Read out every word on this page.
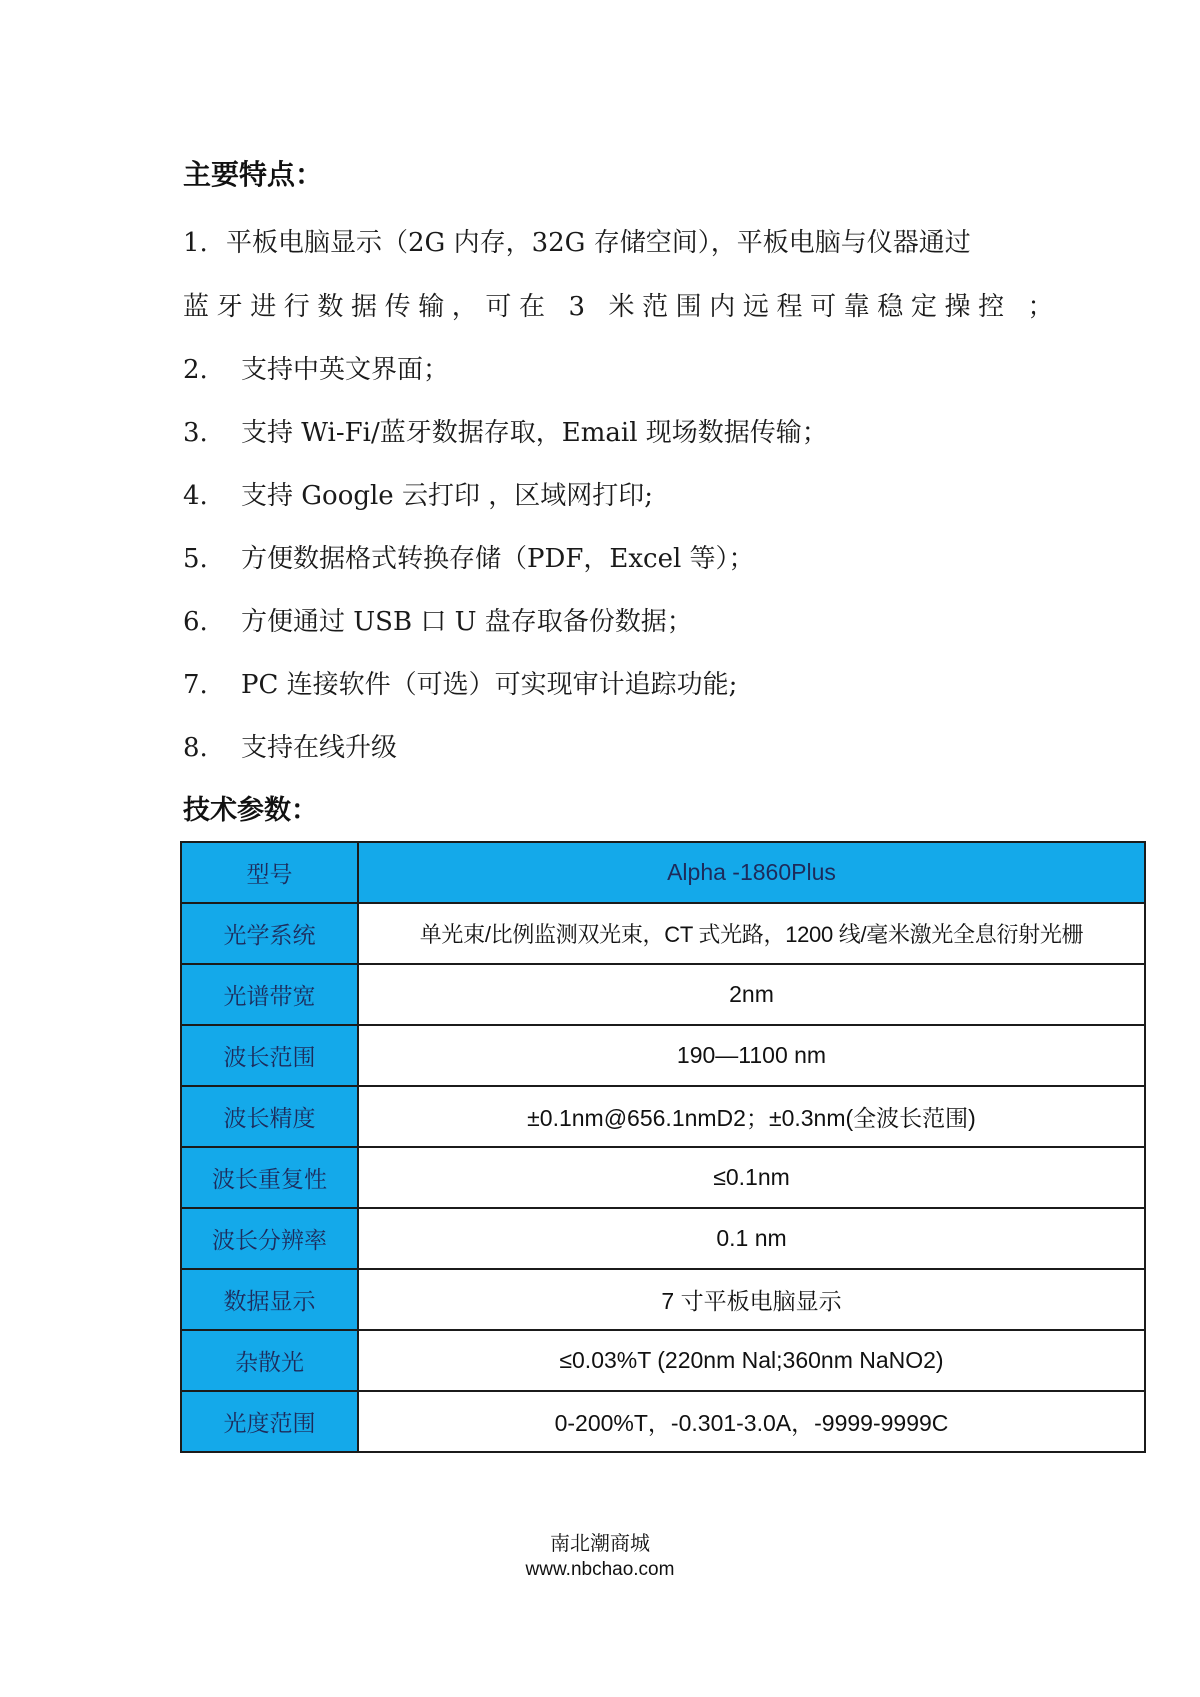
主要特点：

1. 平板电脑显示（2G 内存，32G 存储空间），平板电脑与仪器通过

蓝牙进行数据传输，可在 3 米范围内远程可靠稳定操控 ；

2. 支持中英文界面；

3. 支持 Wi-Fi/蓝牙数据存取，Email 现场数据传输；

4. 支持 Google 云打印 ，区域网打印;

5. 方便数据格式转换存储（PDF，Excel 等）；

6. 方便通过 USB 口 U 盘存取备份数据；

7. PC 连接软件（可选）可实现审计追踪功能;

8. 支持在线升级

技术参数：
型号	Alpha -1860Plus
光学系统	单光束/比例监测双光束，CT 式光路，1200 线/毫米激光全息衍射光栅
光谱带宽	2nm
波长范围	190—1100 nm
波长精度	±0.1nm@656.1nmD2；±0.3nm(全波长范围)
波长重复性	≤0.1nm
波长分辨率	0.1 nm
数据显示	7 寸平板电脑显示
杂散光	≤0.03%T (220nm Nal;360nm NaNO2)
光度范围	0-200%T，-0.301-3.0A，-9999-9999C

南北潮商城

www.nbchao.com
